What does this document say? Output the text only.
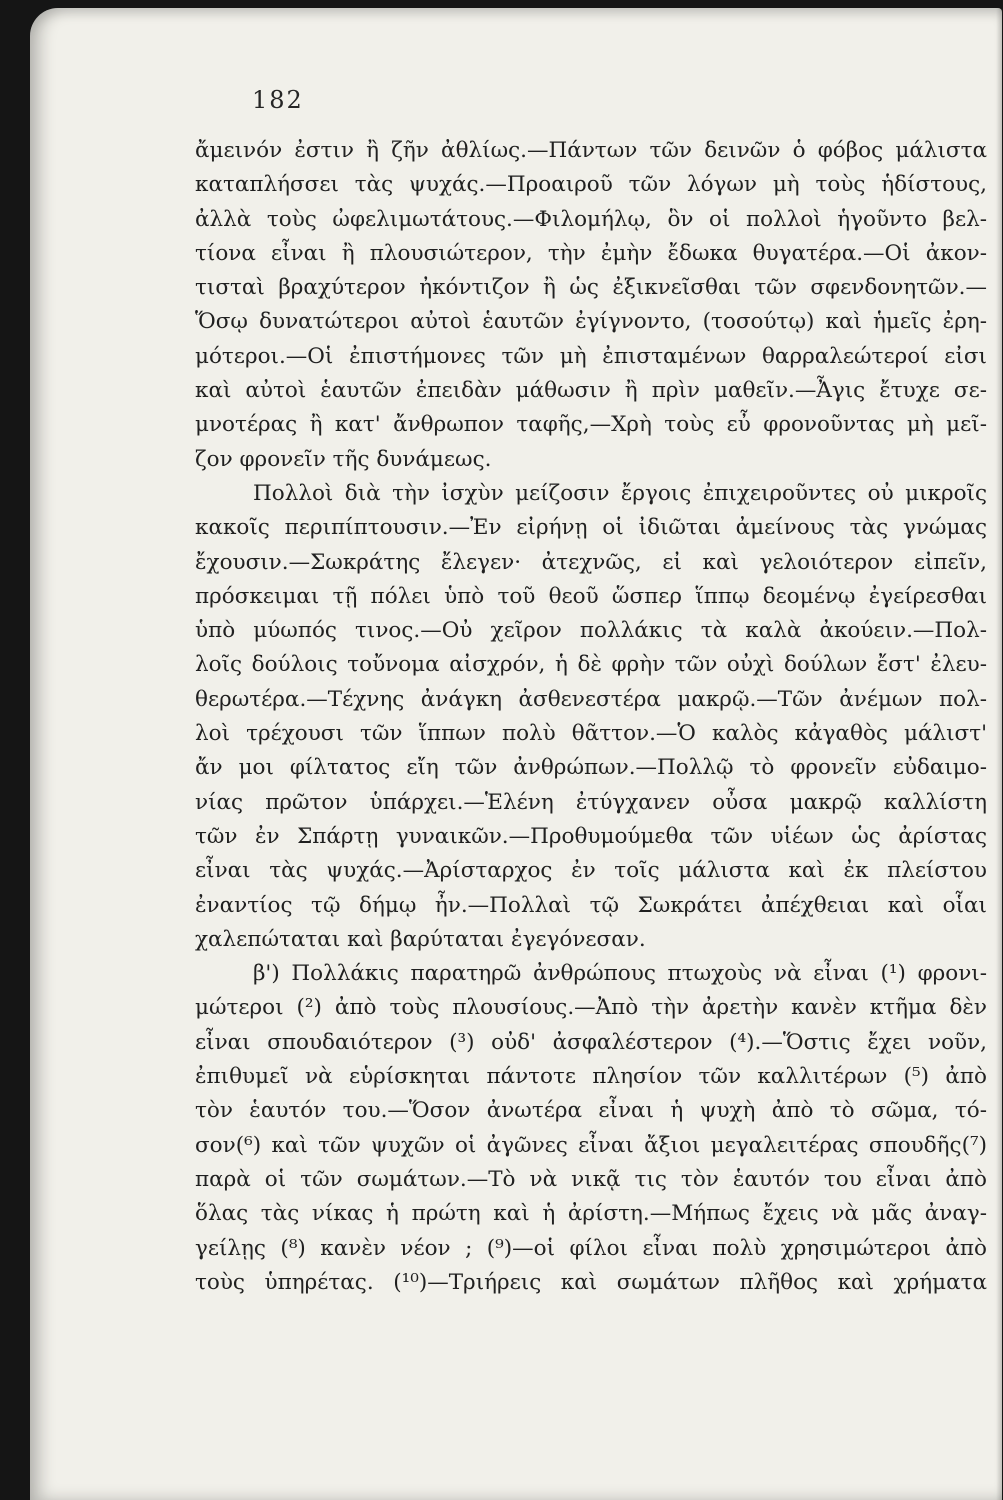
182
ἄμεινόν ἐστιν ἢ ζῆν ἀθλίως.—Πάντων τῶν δεινῶν ὁ φόβος μάλιστα
καταπλήσσει τὰς ψυχάς.—Προαιροῦ τῶν λόγων μὴ τοὺς ἡδίστους,
ἀλλὰ τοὺς ὠφελιμωτάτους.—Φιλομήλῳ, ὃν οἱ πολλοὶ ἡγοῦντο βελ-
τίονα εἶναι ἢ πλουσιώτερον, τὴν ἐμὴν ἔδωκα θυγατέρα.—Οἱ ἀκον-
τισταὶ βραχύτερον ἠκόντιζον ἢ ὡς ἐξικνεῖσθαι τῶν σφενδονητῶν.—
Ὅσῳ δυνατώτεροι αὐτοὶ ἑαυτῶν ἐγίγνοντο, (τοσούτῳ) καὶ ἡμεῖς ἐρη-
μότεροι.—Οἱ ἐπιστήμονες τῶν μὴ ἐπισταμένων θαρραλεώτεροί εἰσι
καὶ αὐτοὶ ἑαυτῶν ἐπειδὰν μάθωσιν ἢ πρὶν μαθεῖν.—Ἆγις ἔτυχε σε-
μνοτέρας ἢ κατ' ἄνθρωπον ταφῆς,—Χρὴ τοὺς εὖ φρονοῦντας μὴ μεῖ-
ζον φρονεῖν τῆς δυνάμεως.
Πολλοὶ διὰ τὴν ἰσχὺν μείζοσιν ἔργοις ἐπιχειροῦντες οὐ μικροῖς
κακοῖς περιπίπτουσιν.—Ἐν εἰρήνῃ οἱ ἰδιῶται ἀμείνους τὰς γνώμας
ἔχουσιν.—Σωκράτης ἔλεγεν· ἀτεχνῶς, εἰ καὶ γελοιότερον εἰπεῖν,
πρόσκειμαι τῇ πόλει ὑπὸ τοῦ θεοῦ ὥσπερ ἵππῳ δεομένῳ ἐγείρεσθαι
ὑπὸ μύωπός τινος.—Οὐ χεῖρον πολλάκις τὰ καλὰ ἀκούειν.—Πολ-
λοῖς δούλοις τοὔνομα αἰσχρόν, ἡ δὲ φρὴν τῶν οὐχὶ δούλων ἔστ' ἐλευ-
θερωτέρα.—Τέχνης ἀνάγκη ἀσθενεστέρα μακρῷ.—Τῶν ἀνέμων πολ-
λοὶ τρέχουσι τῶν ἵππων πολὺ θᾶττον.—Ὁ καλὸς κἀγαθὸς μάλιστ'
ἄν μοι φίλτατος εἴη τῶν ἀνθρώπων.—Πολλῷ τὸ φρονεῖν εὐδαιμο-
νίας πρῶτον ὑπάρχει.—Ἑλένη ἐτύγχανεν οὖσα μακρῷ καλλίστη
τῶν ἐν Σπάρτῃ γυναικῶν.—Προθυμούμεθα τῶν υἱέων ὡς ἀρίστας
εἶναι τὰς ψυχάς.—Ἀρίσταρχος ἐν τοῖς μάλιστα καὶ ἐκ πλείστου
ἐναντίος τῷ δήμῳ ἦν.—Πολλαὶ τῷ Σωκράτει ἀπέχθειαι καὶ οἷαι
χαλεπώταται καὶ βαρύταται ἐγεγόνεσαν.
β') Πολλάκις παρατηρῶ ἀνθρώπους πτωχοὺς νὰ εἶναι (¹) φρονι-
μώτεροι (²) ἀπὸ τοὺς πλουσίους.—Ἀπὸ τὴν ἀρετὴν κανὲν κτῆμα δὲν
εἶναι σπουδαιότερον (³) οὐδ' ἀσφαλέστερον (⁴).—Ὅστις ἔχει νοῦν,
ἐπιθυμεῖ νὰ εὑρίσκηται πάντοτε πλησίον τῶν καλλιτέρων (⁵) ἀπὸ
τὸν ἑαυτόν του.—Ὅσον ἀνωτέρα εἶναι ἡ ψυχὴ ἀπὸ τὸ σῶμα, τό-
σον(⁶) καὶ τῶν ψυχῶν οἱ ἀγῶνες εἶναι ἄξιοι μεγαλειτέρας σπουδῆς(⁷)
παρὰ οἱ τῶν σωμάτων.—Τὸ νὰ νικᾷ τις τὸν ἑαυτόν του εἶναι ἀπὸ
ὅλας τὰς νίκας ἡ πρώτη καὶ ἡ ἀρίστη.—Μήπως ἔχεις νὰ μᾶς ἀναγ-
γείλῃς (⁸) κανὲν νέον ; (⁹)—οἱ φίλοι εἶναι πολὺ χρησιμώτεροι ἀπὸ
τοὺς ὑπηρέτας. (¹⁰)—Τριήρεις καὶ σωμάτων πλῆθος καὶ χρήματα
